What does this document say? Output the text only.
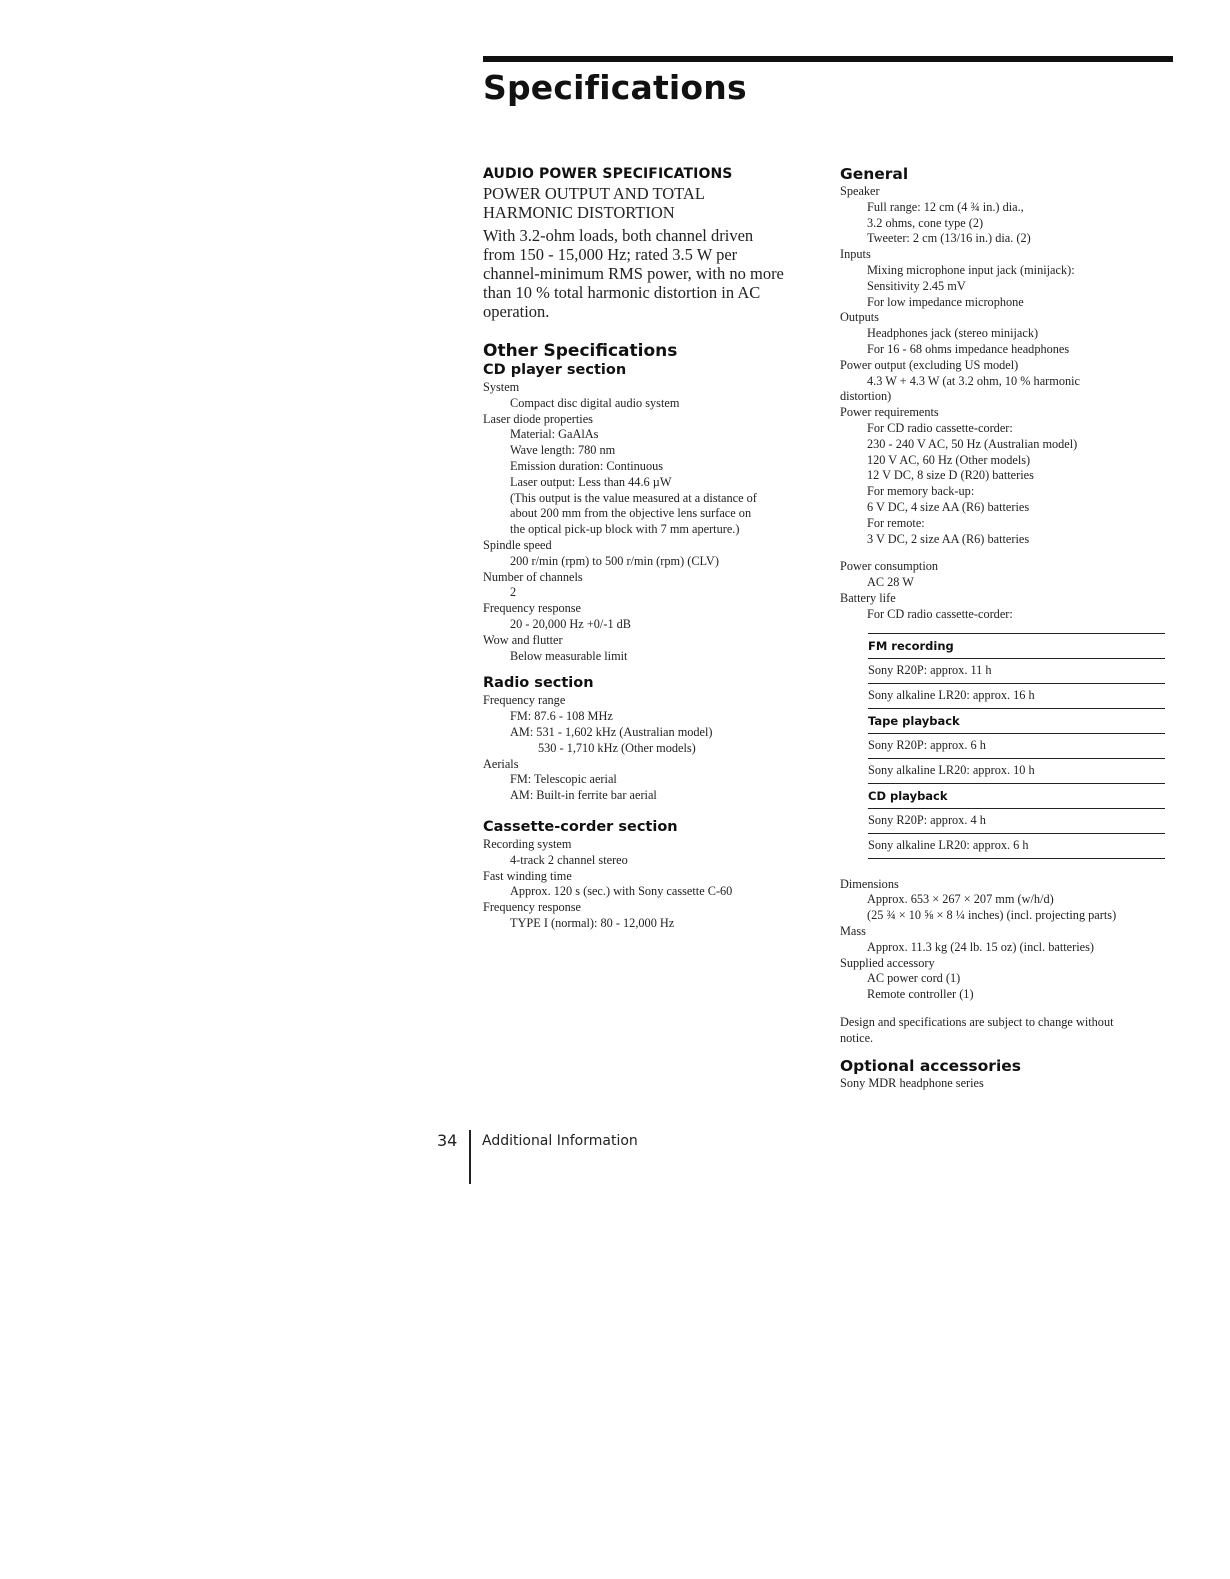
Specifications
AUDIO POWER SPECIFICATIONS

POWER OUTPUT AND TOTAL

HARMONIC DISTORTION

With 3.2-ohm loads, both channel driven

from 150 - 15,000 Hz; rated 3.5 W per

channel-minimum RMS power, with no more

than 10 % total harmonic distortion in AC

operation.

Other Specifications
CD player section

System

Compact disc digital audio system

Laser diode properties

Material: GaAlAs

Wave length: 780 nm

Emission duration: Continuous

Laser output: Less than 44.6 µW

(This output is the value measured at a distance of

about 200 mm from the objective lens surface on

the optical pick-up block with 7 mm aperture.)

Spindle speed

200 r/min (rpm) to 500 r/min (rpm) (CLV)

Number of channels

2

Frequency response

20 - 20,000 Hz +0/-1 dB

Wow and flutter

Below measurable limit

Radio section

Frequency range

FM: 87.6 - 108 MHz

AM: 531 - 1,602 kHz (Australian model)

530 - 1,710 kHz (Other models)

Aerials

FM: Telescopic aerial

AM: Built-in ferrite bar aerial

Cassette-corder section

Recording system

4-track 2 channel stereo

Fast winding time

Approx. 120 s (sec.) with Sony cassette C-60

Frequency response

TYPE I (normal): 80 - 12,000 Hz

General

Speaker

Full range: 12 cm (4 ¾ in.) dia.,

3.2 ohms, cone type (2)

Tweeter: 2 cm (13/16 in.) dia. (2)

Inputs

Mixing microphone input jack (minijack):

Sensitivity 2.45 mV

For low impedance microphone

Outputs

Headphones jack (stereo minijack)

For 16 - 68 ohms impedance headphones

Power output (excluding US model)

4.3 W + 4.3 W (at 3.2 ohm, 10 % harmonic

distortion)

Power requirements

For CD radio cassette-corder:

230 - 240 V AC, 50 Hz (Australian model)

120 V AC, 60 Hz (Other models)

12 V DC, 8 size D (R20) batteries

For memory back-up:

6 V DC, 4 size AA (R6) batteries

For remote:

3 V DC, 2 size AA (R6) batteries

Power consumption

AC 28 W

Battery life

For CD radio cassette-corder:

FM recording
Sony R20P: approx. 11 h
Sony alkaline LR20: approx. 16 h
Tape playback
Sony R20P: approx. 6 h
Sony alkaline LR20: approx. 10 h
CD playback
Sony R20P: approx. 4 h
Sony alkaline LR20: approx. 6 h

Dimensions

Approx. 653 × 267 × 207 mm (w/h/d)

(25 ¾ × 10 ⅝ × 8 ¼ inches) (incl. projecting parts)

Mass

Approx. 11.3 kg (24 lb. 15 oz) (incl. batteries)

Supplied accessory

AC power cord (1)

Remote controller (1)

Design and specifications are subject to change without

notice.

Optional accessories

Sony MDR headphone series

34 Additional Information
